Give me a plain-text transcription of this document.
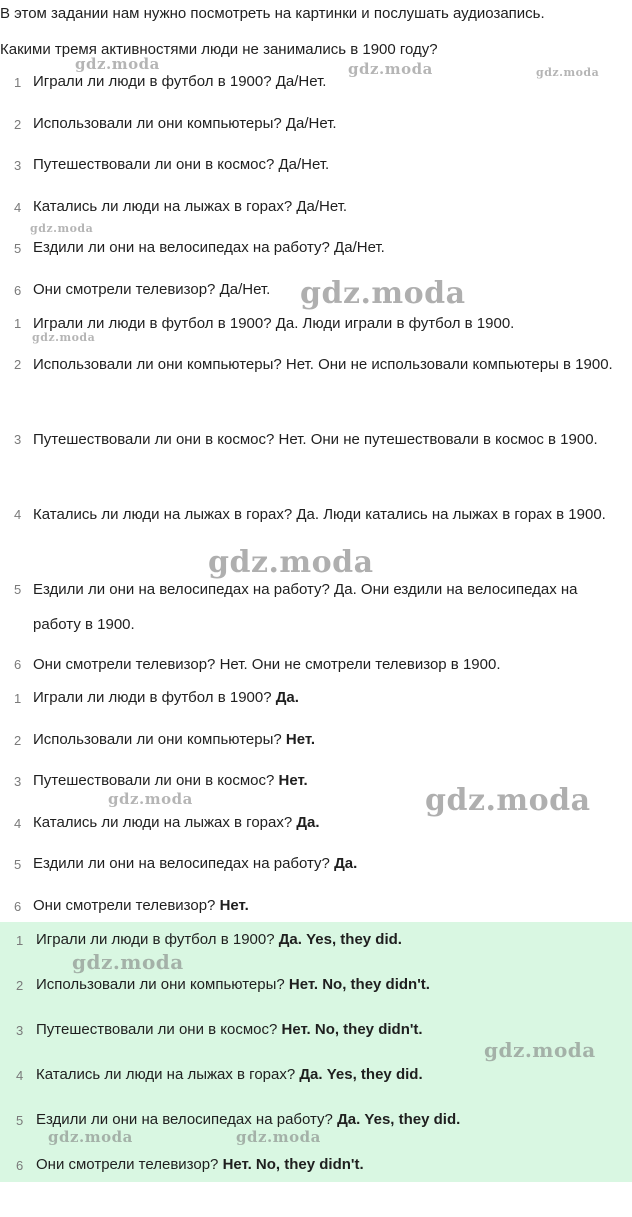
В этом задании нам нужно посмотреть на картинки и послушать аудиозапись.
Какими тремя активностями люди не занимались в 1900 году?
1 Играли ли люди в футбол в 1900? Да/Нет.
2 Использовали ли они компьютеры? Да/Нет.
3 Путешествовали ли они в космос? Да/Нет.
4 Катались ли люди на лыжах в горах? Да/Нет.
5 Ездили ли они на велосипедах на работу? Да/Нет.
6 Они смотрели телевизор? Да/Нет.
1 Играли ли люди в футбол в 1900? Да. Люди играли в футбол в 1900.
2 Использовали ли они компьютеры? Нет. Они не использовали компьютеры в 1900.
3 Путешествовали ли они в космос? Нет. Они не путешествовали в космос в 1900.
4 Катались ли люди на лыжах в горах? Да. Люди катались на лыжах в горах в 1900.
5 Ездили ли они на велосипедах на работу? Да. Они ездили на велосипедах на работу в 1900.
6 Они смотрели телевизор? Нет. Они не смотрели телевизор в 1900.
1 Играли ли люди в футбол в 1900? Да.
2 Использовали ли они компьютеры? Нет.
3 Путешествовали ли они в космос? Нет.
4 Катались ли люди на лыжах в горах? Да.
5 Ездили ли они на велосипедах на работу? Да.
6 Они смотрели телевизор? Нет.
1 Играли ли люди в футбол в 1900? Да. Yes, they did.
2 Использовали ли они компьютеры? Нет. No, they didn't.
3 Путешествовали ли они в космос? Нет. No, they didn't.
4 Катались ли люди на лыжах в горах? Да. Yes, they did.
5 Ездили ли они на велосипедах на работу? Да. Yes, they did.
6 Они смотрели телевизор? Нет. No, they didn't.
gdz.moda	gdz.moda	gdz.moda
gdz.moda
gdz.moda
gdz.moda
gdz.moda
gdz.moda	gdz.moda
gdz.moda
gdz.moda
gdz.moda	gdz.moda
